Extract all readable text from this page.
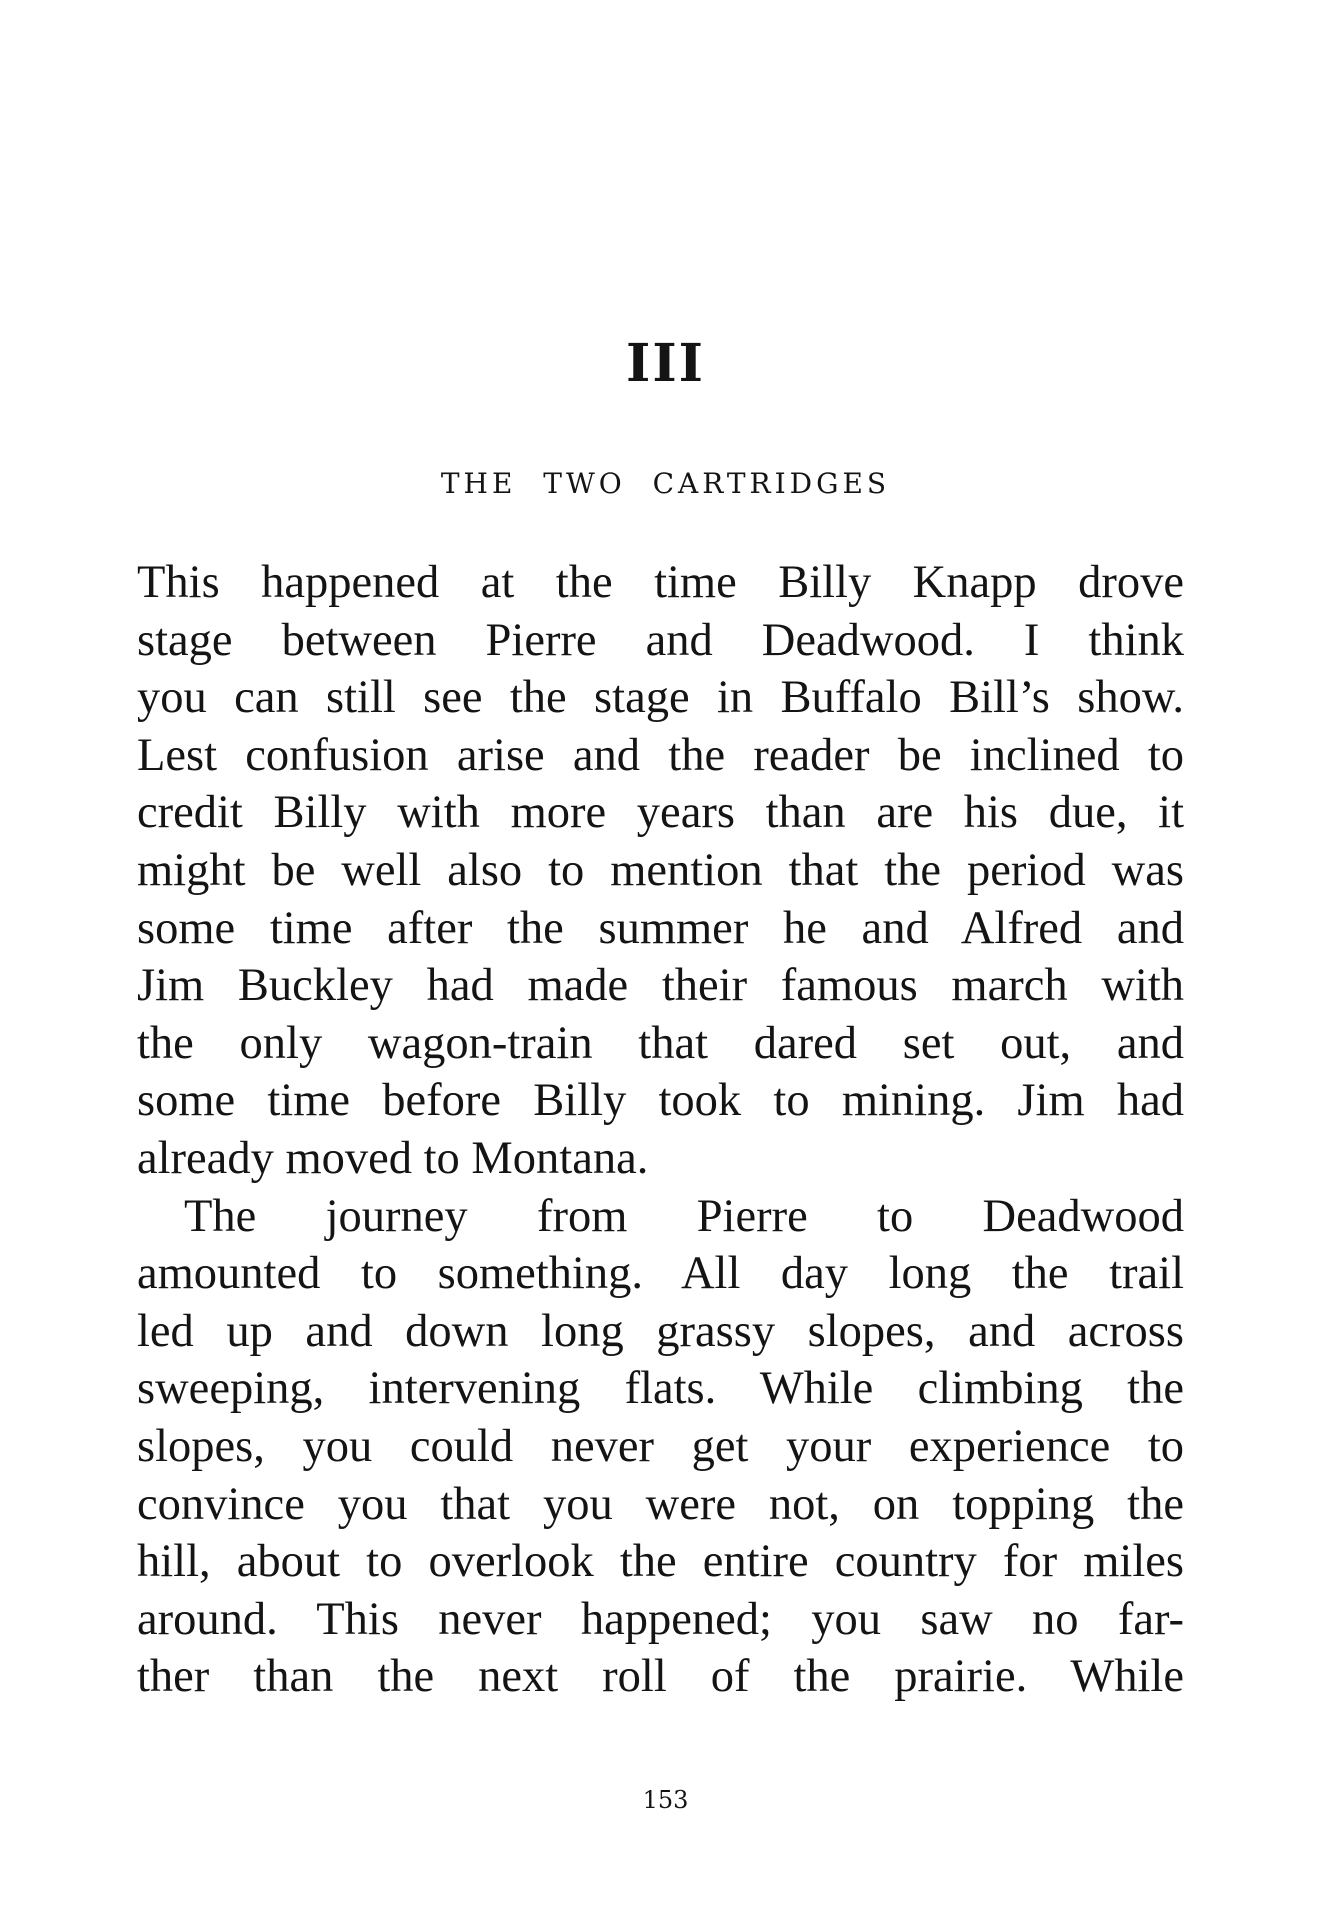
III
THE TWO CARTRIDGES
This happened at the time Billy Knapp drove
stage between Pierre and Deadwood. I think
you can still see the stage in Buffalo Bill’s show.
Lest confusion arise and the reader be inclined to
credit Billy with more years than are his due, it
might be well also to mention that the period was
some time after the summer he and Alfred and
Jim Buckley had made their famous march with
the only wagon-train that dared set out, and
some time before Billy took to mining. Jim had
already moved to Montana.
The journey from Pierre to Deadwood
amounted to something. All day long the trail
led up and down long grassy slopes, and across
sweeping, intervening flats. While climbing the
slopes, you could never get your experience to
convince you that you were not, on topping the
hill, about to overlook the entire country for miles
around. This never happened; you saw no far-
ther than the next roll of the prairie. While
153
